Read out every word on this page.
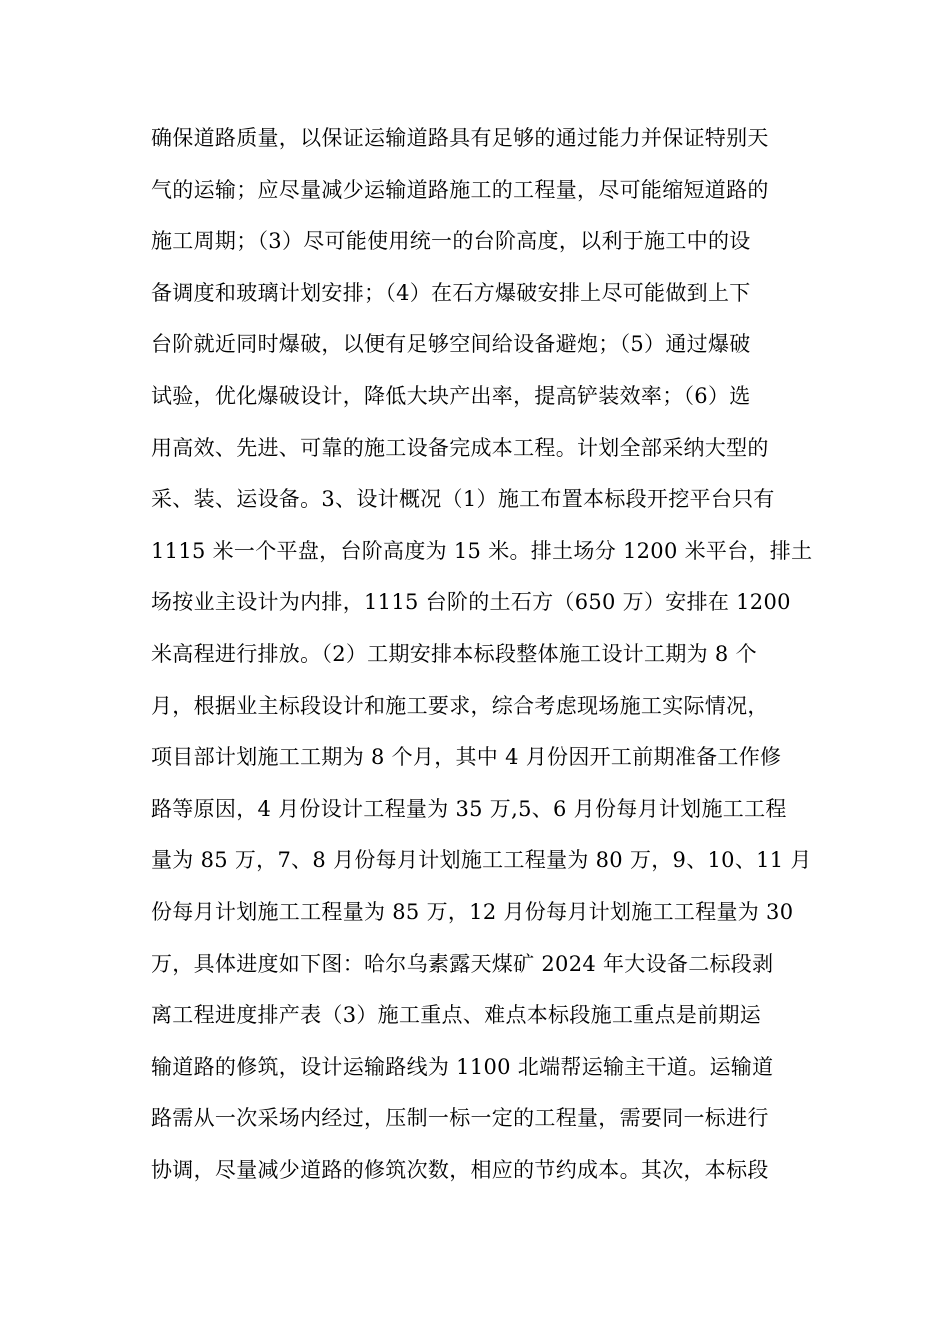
确保道路质量，以保证运输道路具有足够的通过能力并保证特别天
气的运输；应尽量减少运输道路施工的工程量，尽可能缩短道路的
施工周期；（3）尽可能使用统一的台阶高度，以利于施工中的设
备调度和玻璃计划安排；（4）在石方爆破安排上尽可能做到上下
台阶就近同时爆破，以便有足够空间给设备避炮；（5）通过爆破
试验，优化爆破设计，降低大块产出率，提高铲装效率；（6）选
用高效、先进、可靠的施工设备完成本工程。计划全部采纳大型的
采、装、运设备。3、设计概况（1）施工布置本标段开挖平台只有
1115 米一个平盘，台阶高度为 15 米。排土场分 1200 米平台，排土
场按业主设计为内排，1115 台阶的土石方（650 万）安排在 1200
米高程进行排放。（2）工期安排本标段整体施工设计工期为 8 个
月，根据业主标段设计和施工要求，综合考虑现场施工实际情况，
项目部计划施工工期为 8 个月，其中 4 月份因开工前期准备工作修
路等原因，4 月份设计工程量为 35 万,5、6 月份每月计划施工工程
量为 85 万，7、8 月份每月计划施工工程量为 80 万，9、10、11 月
份每月计划施工工程量为 85 万，12 月份每月计划施工工程量为 30
万，具体进度如下图：哈尔乌素露天煤矿 2024 年大设备二标段剥
离工程进度排产表（3）施工重点、难点本标段施工重点是前期运
输道路的修筑，设计运输路线为 1100 北端帮运输主干道。运输道
路需从一次采场内经过，压制一标一定的工程量，需要同一标进行
协调，尽量减少道路的修筑次数，相应的节约成本。其次，本标段
